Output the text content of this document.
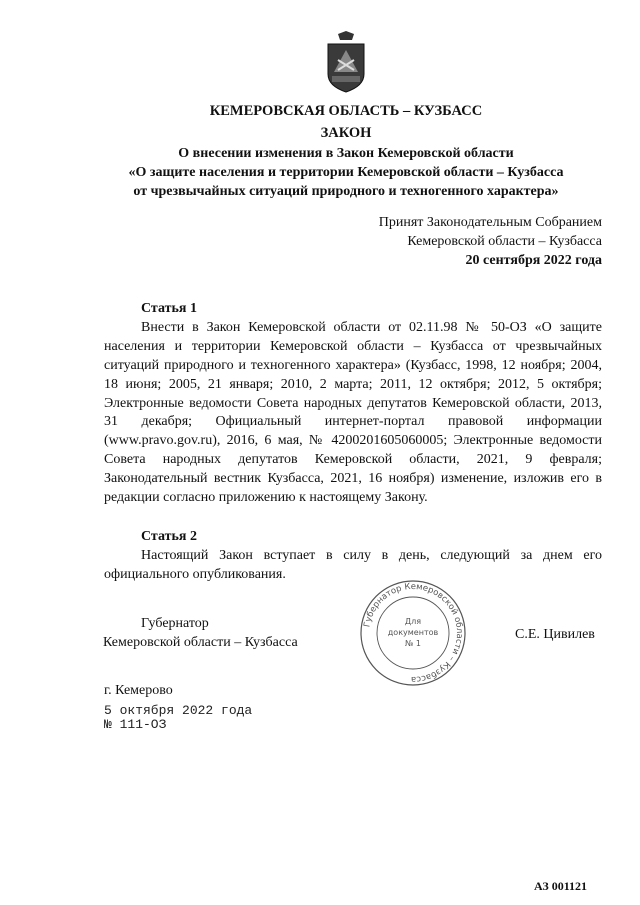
КЕМЕРОВСКАЯ ОБЛАСТЬ – КУЗБАСС
ЗАКОН
О внесении изменения в Закон Кемеровской области
«О защите населения и территории Кемеровской области – Кузбасса
от чрезвычайных ситуаций природного и техногенного характера»
Принят Законодательным Собранием
Кемеровской области – Кузбасса
20 сентября 2022 года
Статья 1

Внести в Закон Кемеровской области от 02.11.98 № 50-ОЗ «О защите населения и территории Кемеровской области – Кузбасса от чрезвычайных ситуаций природного и техногенного характера» (Кузбасс, 1998, 12 ноября; 2004, 18 июня; 2005, 21 января; 2010, 2 марта; 2011, 12 октября; 2012, 5 октября; Электронные ведомости Совета народных депутатов Кемеровской области, 2013, 31 декабря; Официальный интернет-портал правовой информации (www.pravo.gov.ru), 2016, 6 мая, № 4200201605060005; Электронные ведомости Совета народных депутатов Кемеровской области, 2021, 9 февраля; Законодательный вестник Кузбасса, 2021, 16 ноября) изменение, изложив его в редакции согласно приложению к настоящему Закону.

Статья 2

Настоящий Закон вступает в силу в день, следующий за днем его официального опубликования.

Губернатор
Кемеровской области – Кузбасса
Губернатор Кемеровской области – Кузбасса
Для
документов
№ 1
С.Е. Цивилев
г. Кемерово
5 октября 2022 года
№ 111-ОЗ
АЗ 001121
